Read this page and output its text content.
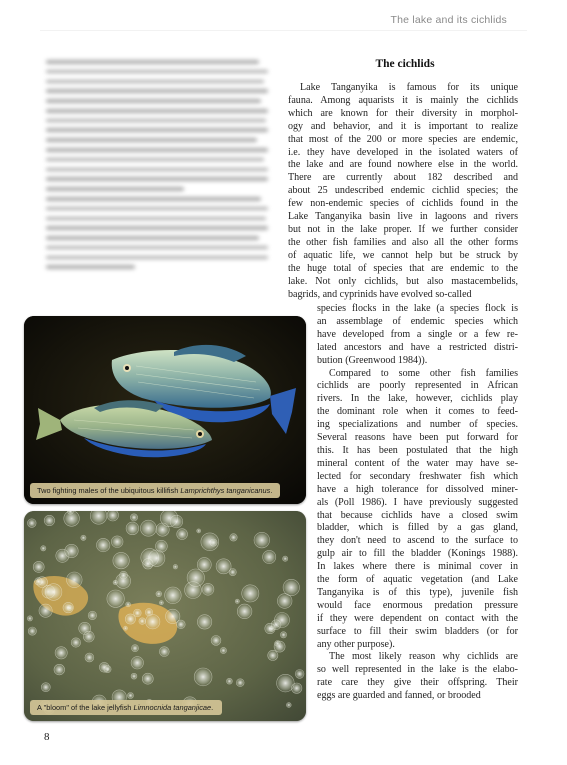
The lake and its cichlids
The cichlids
Lake Tanganyika is famous for its unique
fauna. Among aquarists it is mainly the cichlids
which are known for their diversity in morphol-
ogy and behavior, and it is important to realize
that most of the 200 or more species are endemic,
i.e. they have developed in the isolated waters of
the lake and are found nowhere else in the world.
There are currently about 182 described and
about 25 undescribed endemic cichlid species; the
few non-endemic species of cichlids found in the
Lake Tanganyika basin live in lagoons and rivers
but not in the lake proper. If we further consider
the other fish families and also all the other forms
of aquatic life, we cannot help but be struck by
the huge total of species that are endemic to the
lake. Not only cichlids, but also mastacembelids,
bagrids, and cyprinids have evolved so-called
species flocks in the lake (a species flock is
an assemblage of endemic species which
have developed from a single or a few re-
lated ancestors and have a restricted distri-
bution (Greenwood 1984)).
Compared to some other fish families
cichlids are poorly represented in African
rivers. In the lake, however, cichlids play
the dominant role when it comes to feed-
ing specializations and number of species.
Several reasons have been put forward for
this. It has been postulated that the high
mineral content of the water may have se-
lected for secondary freshwater fish which
have a high tolerance for dissolved miner-
als (Poll 1986). I have previously suggested
that because cichlids have a closed swim
bladder, which is filled by a gas gland,
they don't need to ascend to the surface to
gulp air to fill the bladder (Konings 1988).
In lakes where there is minimal cover in
the form of aquatic vegetation (and Lake
Tanganyika is of this type), juvenile fish
would face enormous predation pressure
if they were dependent on contact with the
surface to fill their swim bladders (or for
any other purpose).
The most likely reason why cichlids are
so well represented in the lake is the elabo-
rate care they give their offspring. Their
eggs are guarded and fanned, or brooded
Two fighting males of the ubiquitous killifish Lamprichthys tanganicanus.
A "bloom" of the lake jellyfish Limnocnida tanganjicae.
8
